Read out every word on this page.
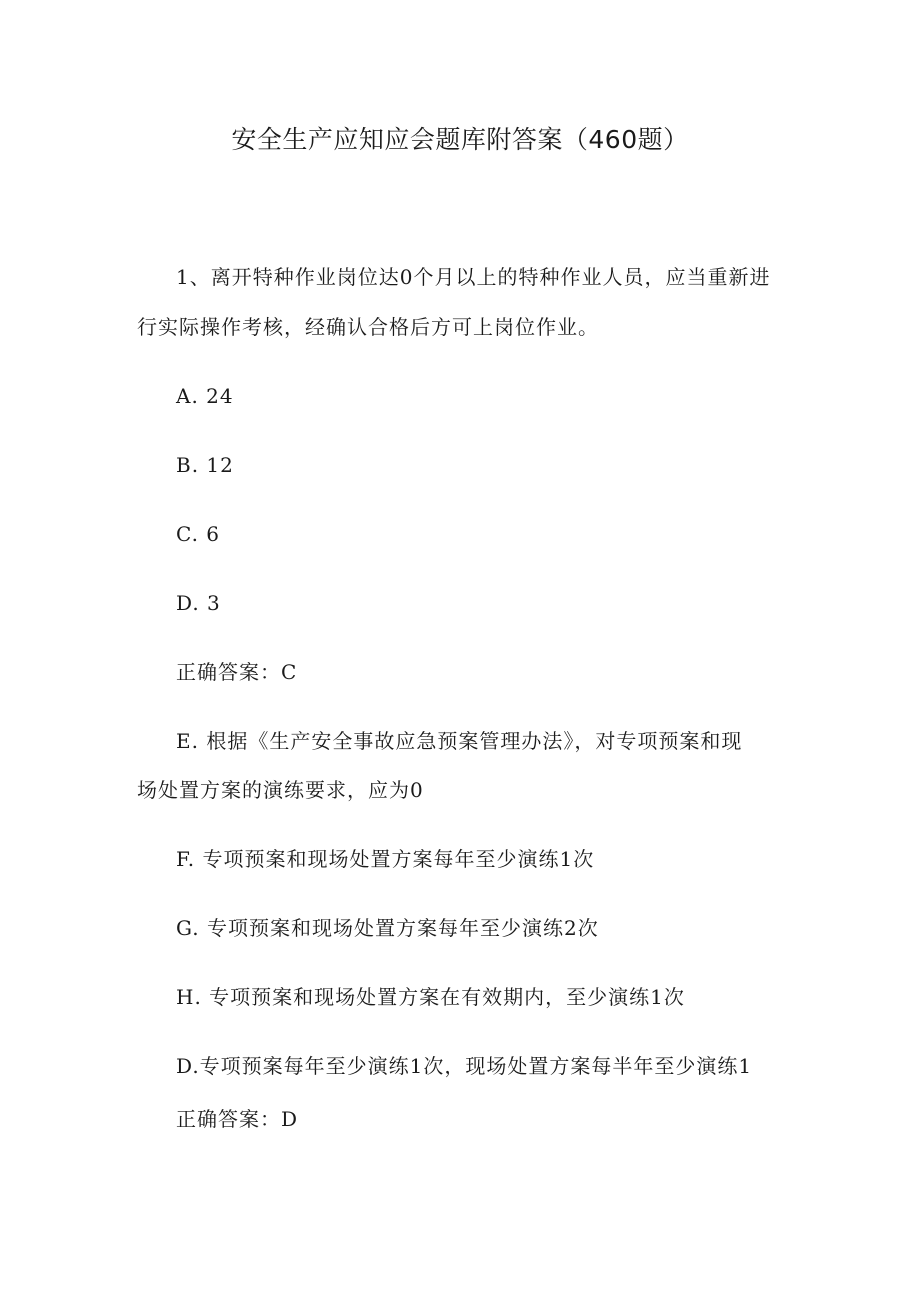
安全生产应知应会题库附答案（460题）
1、离开特种作业岗位达0个月以上的特种作业人员，应当重新进
行实际操作考核，经确认合格后方可上岗位作业。
A. 24
B. 12
C. 6
D. 3
正确答案：C
E. 根据《生产安全事故应急预案管理办法》，对专项预案和现
场处置方案的演练要求，应为0
F. 专项预案和现场处置方案每年至少演练1次
G. 专项预案和现场处置方案每年至少演练2次
H. 专项预案和现场处置方案在有效期内，至少演练1次
D.专项预案每年至少演练1次，现场处置方案每半年至少演练1
正确答案：D
